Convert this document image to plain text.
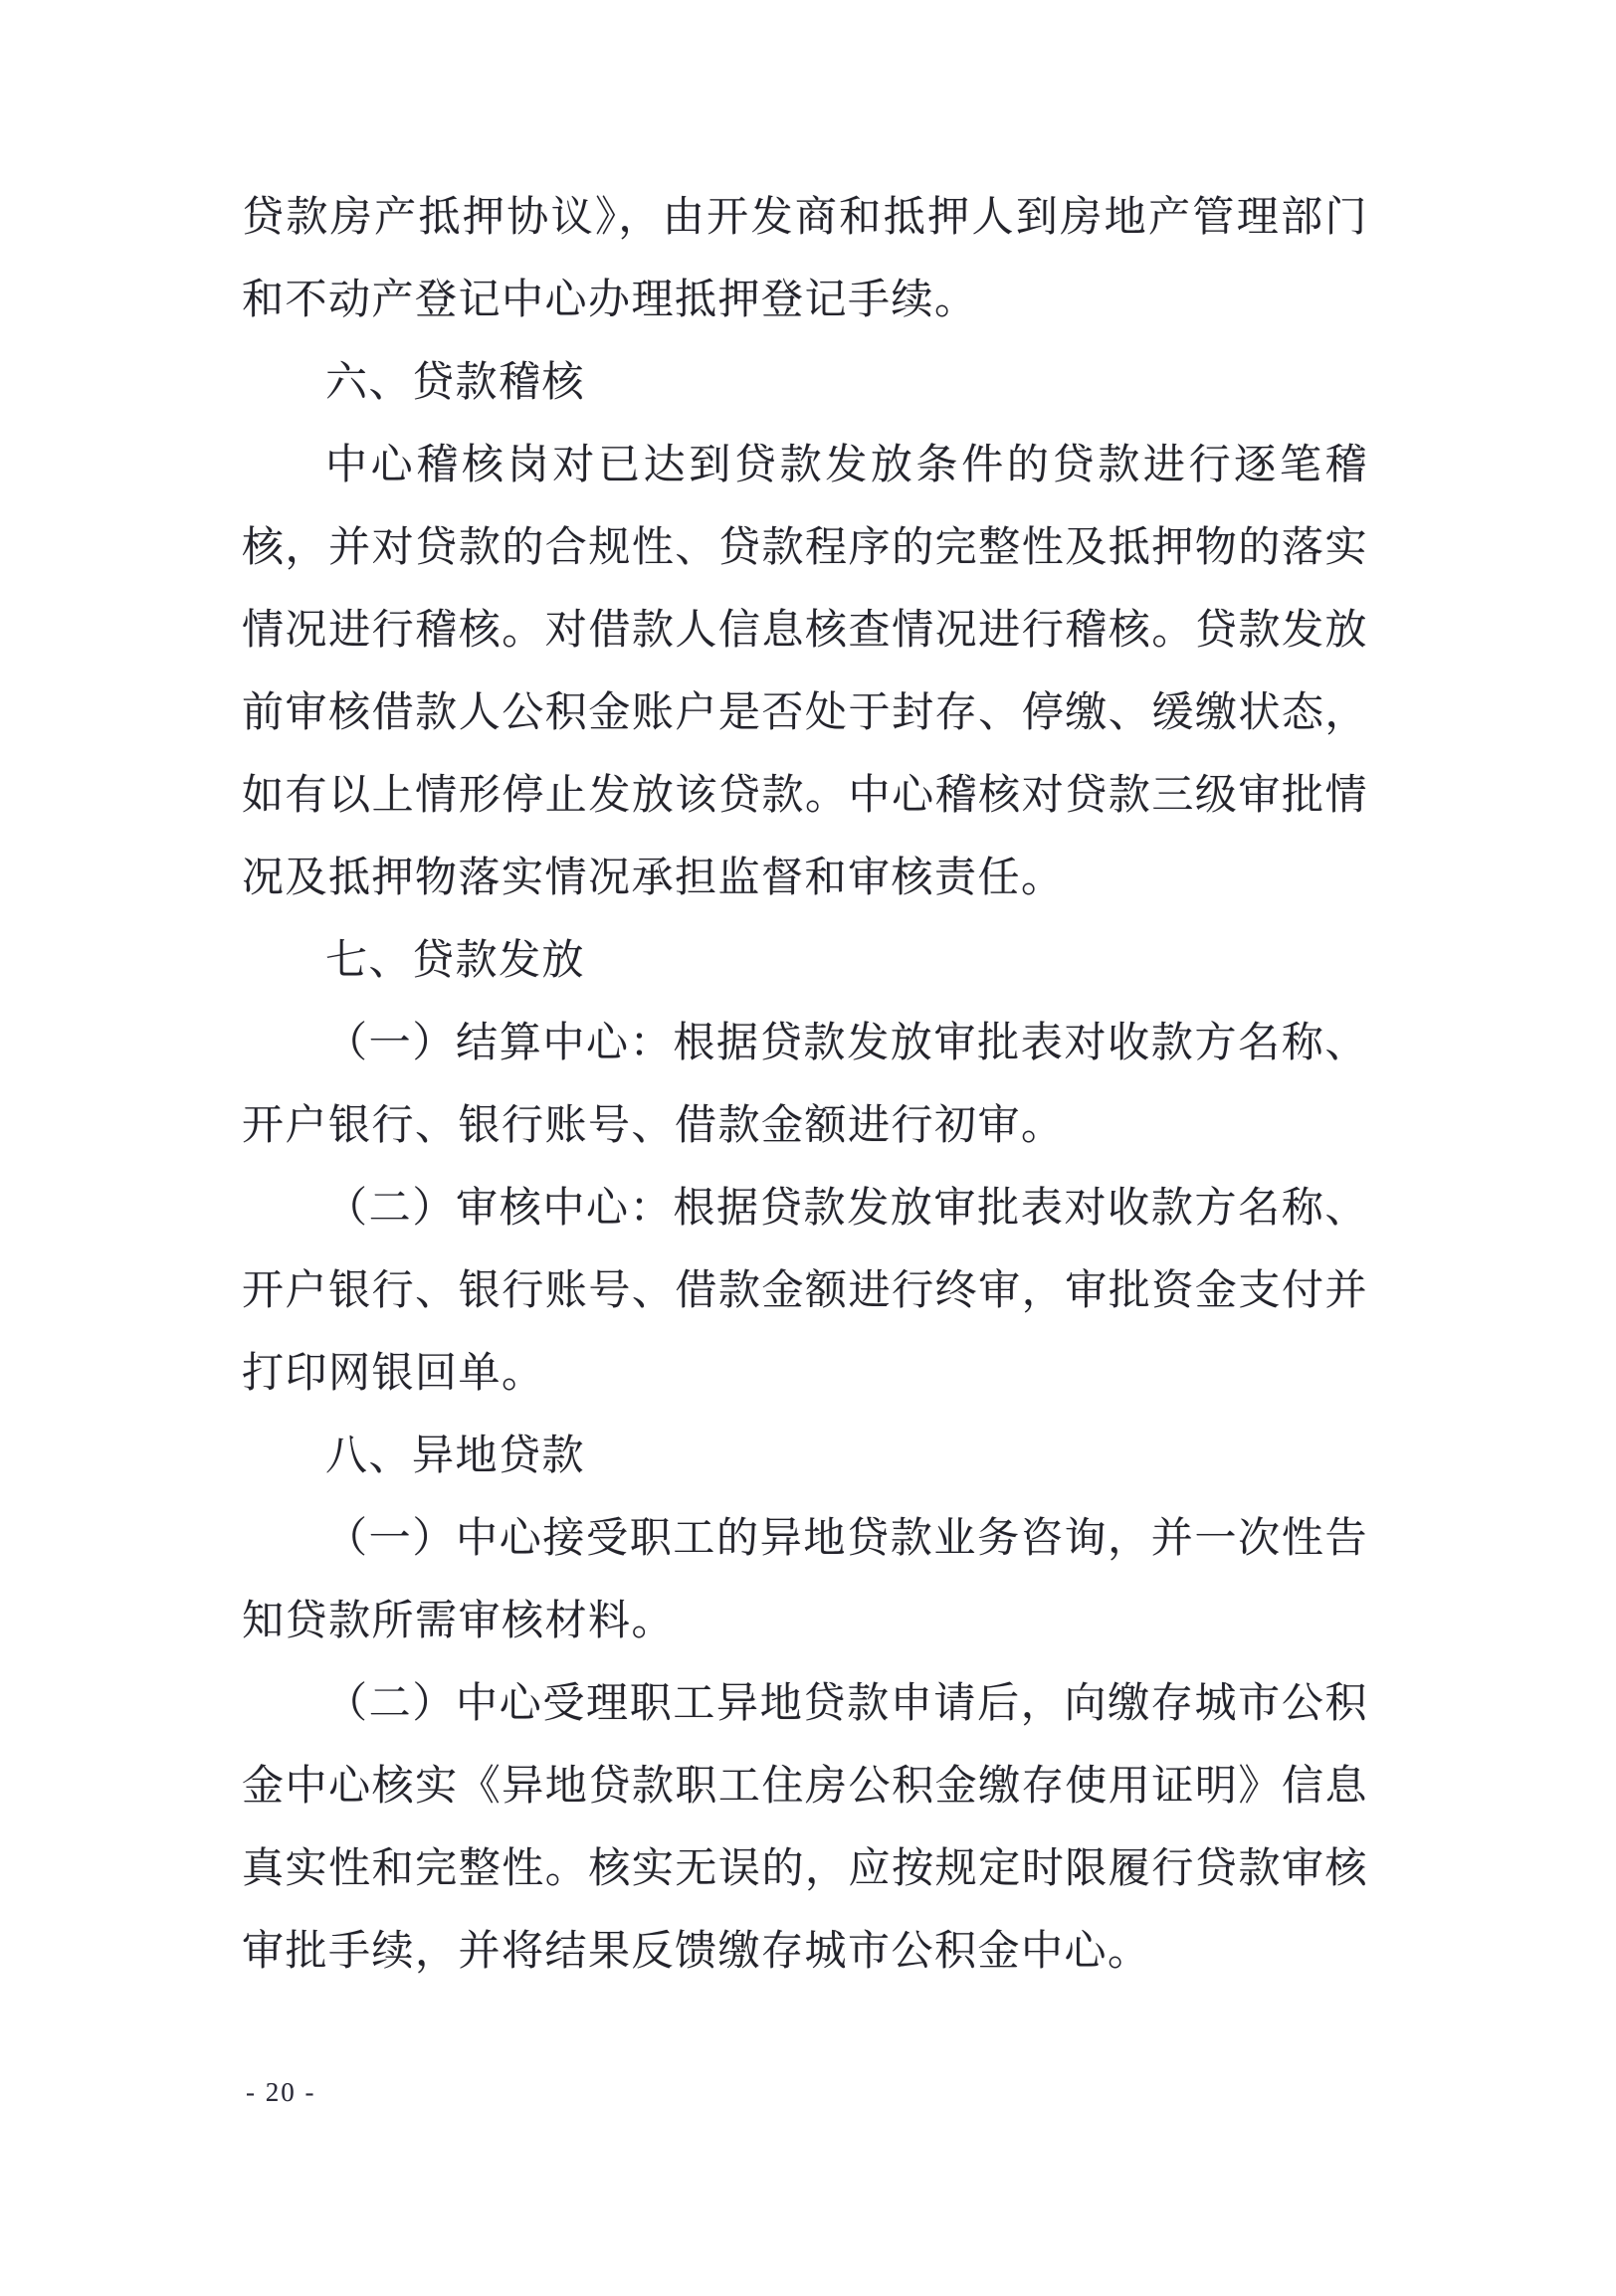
贷款房产抵押协议》，由开发商和抵押人到房地产管理部门和不动产登记中心办理抵押登记手续。

六、贷款稽核

中心稽核岗对已达到贷款发放条件的贷款进行逐笔稽核，并对贷款的合规性、贷款程序的完整性及抵押物的落实情况进行稽核。对借款人信息核查情况进行稽核。贷款发放前审核借款人公积金账户是否处于封存、停缴、缓缴状态，如有以上情形停止发放该贷款。中心稽核对贷款三级审批情况及抵押物落实情况承担监督和审核责任。

七、贷款发放

（一）结算中心：根据贷款发放审批表对收款方名称、开户银行、银行账号、借款金额进行初审。

（二）审核中心：根据贷款发放审批表对收款方名称、开户银行、银行账号、借款金额进行终审，审批资金支付并打印网银回单。

八、异地贷款

（一）中心接受职工的异地贷款业务咨询，并一次性告知贷款所需审核材料。

（二）中心受理职工异地贷款申请后，向缴存城市公积金中心核实《异地贷款职工住房公积金缴存使用证明》信息真实性和完整性。核实无误的，应按规定时限履行贷款审核审批手续，并将结果反馈缴存城市公积金中心。

- 20 -
